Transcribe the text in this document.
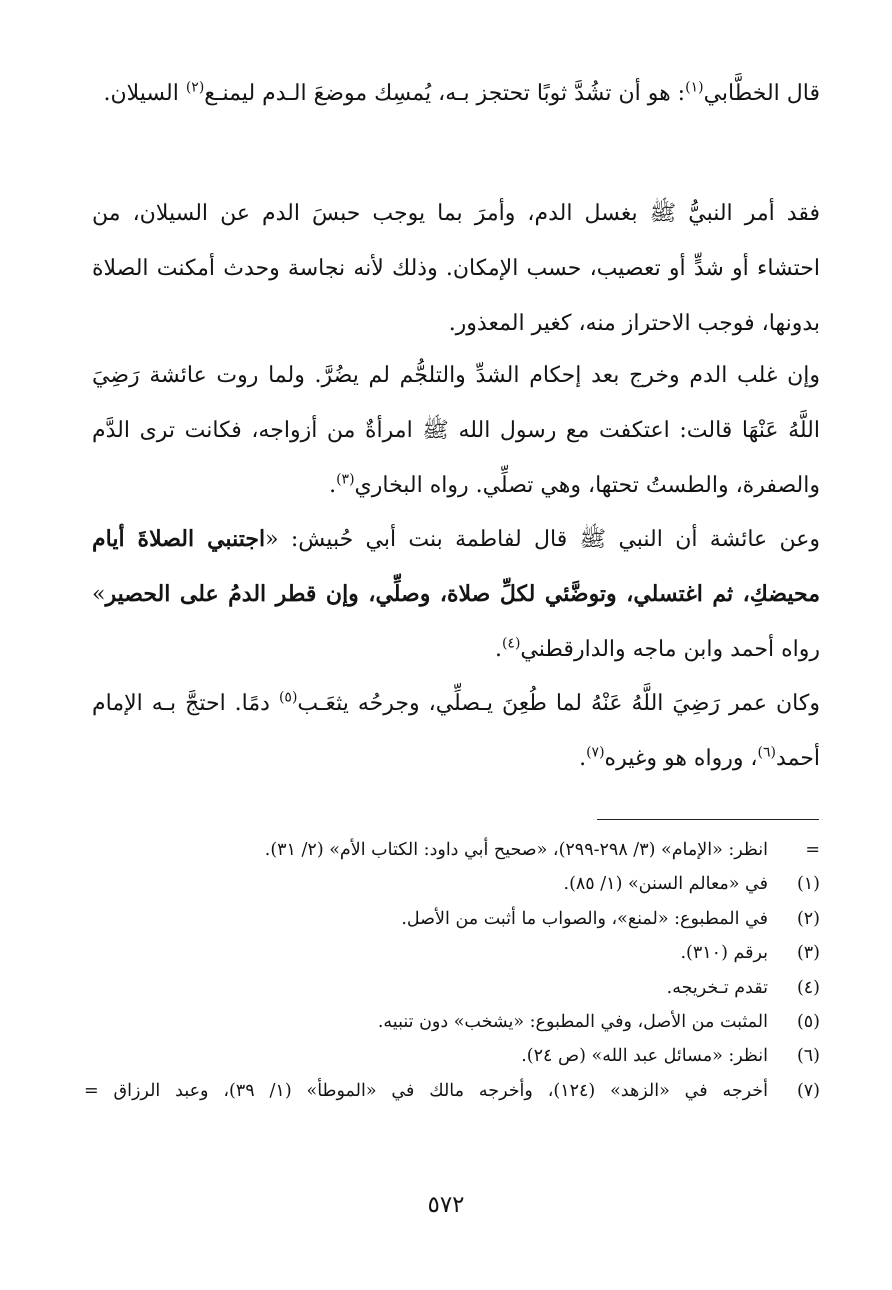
قال الخطَّابي$^{(١)}$: هو أن تشُدَّ ثوبًا تحتجز بـه، يُمسِك موضعَ الـدم ليمنـع$^{(٢)}$ السيلان.

فقد أمر النبيُّ ﷺ بغسل الدم، وأمرَ بما يوجب حبسَ الدم عن السيلان، من احتشاء أو شدٍّ أو تعصيب، حسب الإمكان. وذلك لأنه نجاسة وحدث أمكنت الصلاة بدونها، فوجب الاحتراز منه، كغير المعذور.

وإن غلب الدم وخرج بعد إحكام الشدِّ والتلجُّم لم يضُرَّ. ولما روت عائشة رَضِيَ اللَّهُ عَنْهَا قالت: اعتكفت مع رسول الله ﷺ امرأةٌ من أزواجه، فكانت ترى الدَّم والصفرة، والطستُ تحتها، وهي تصلِّي. رواه البخاري$^{(٣)}$.

وعن عائشة أن النبي ﷺ قال لفاطمة بنت أبي حُبيش: «اجتنبي الصلاةَ أيام محيضكِ، ثم اغتسلي، وتوضَّئي لكلِّ صلاة، وصلِّي، وإن قطر الدمُ على الحصير» رواه أحمد وابن ماجه والدارقطني$^{(٤)}$.

وكان عمر رَضِيَ اللَّهُ عَنْهُ لما طُعِنَ يـصلِّي، وجرحُه يثعَـب$^{(٥)}$ دمًا. احتجَّ بـه الإمام أحمد$^{(٦)}$، ورواه هو وغيره$^{(٧)}$.

=
انظر: «الإمام» (٣/ ٢٩٨-٢٩٩)، «صحيح أبي داود: الكتاب الأم» (٢/ ٣١).
(١)
في «معالم السنن» (١/ ٨٥).
(٢)
في المطبوع: «لمنع»، والصواب ما أثبت من الأصل.
(٣)
برقم (٣١٠).
(٤)
تقدم تـخريجه.
(٥)
المثبت من الأصل، وفي المطبوع: «يشخب» دون تنبيه.
(٦)
انظر: «مسائل عبد الله» (ص ٢٤).
(٧)
أخرجه في «الزهد» (١٢٤)، وأخرجه مالك في «الموطأ» (١/ ٣٩)، وعبد الرزاق =
٥٧٢
